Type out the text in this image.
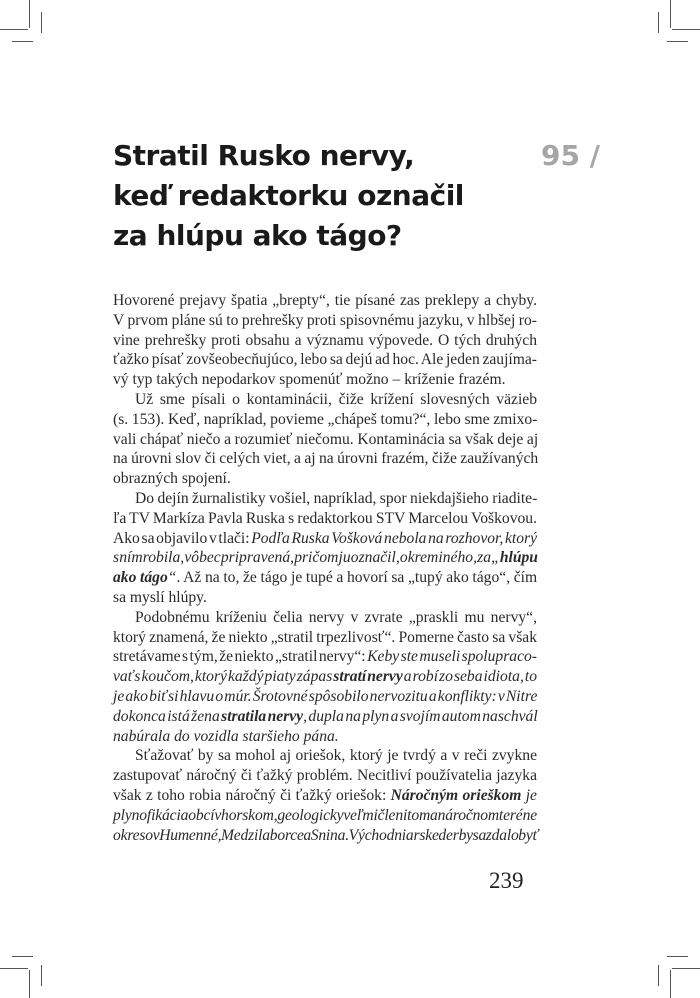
Stratil Rusko nervy,
keď redaktorku označil
za hlúpu ako tágo?
95 /
Hovorené prejavy špatia „brepty“, tie písané zas preklepy a chyby.
V prvom pláne sú to prehrešky proti spisovnému jazyku, v hlbšej ro-
vine prehrešky proti obsahu a významu výpovede. O tých druhých
ťažko písať zovšeobecňujúco, lebo sa dejú ad hoc. Ale jeden zaujíma-
vý typ takých nepodarkov spomenúť možno – kríženie frazém.
Už sme písali o kontaminácii, čiže krížení slovesných väzieb
(s. 153). Keď, napríklad, povieme „chápeš tomu?“, lebo sme zmixo-
vali chápať niečo a rozumieť niečomu. Kontaminácia sa však deje aj
na úrovni slov či celých viet, a aj na úrovni frazém, čiže zaužívaných
obrazných spojení.
Do dejín žurnalistiky vošiel, napríklad, spor niekdajšieho riadite-
ľa TV Markíza Pavla Ruska s redaktorkou STV Marcelou Voškovou.
Ako sa objavilo v tlači: Podľa Ruska Vošková nebola na rozhovor, ktorý
s ním robila, vôbec pripravená, pričom ju označil, okrem iného, za „hlúpu
ako tágo“. Až na to, že tágo je tupé a hovorí sa „tupý ako tágo“, čím
sa myslí hlúpy.
Podobnému kríženiu čelia nervy v zvrate „praskli mu nervy“,
ktorý znamená, že niekto „stratil trpezlivosť“. Pomerne často sa však
stretávame s tým, že niekto „stratil nervy“: Keby ste museli spolupraco-
vať s koučom, ktorý každý piaty zápas stratí nervy a robí zo seba idiota, to
je ako biť si hlavu o múr. Šrotovné spôsobilo nervozitu a konflikty: v Nitre
dokonca istá žena stratila nervy, dupla na plyn a svojím autom naschvál
nabúrala do vozidla staršieho pána.
Sťažovať by sa mohol aj oriešok, ktorý je tvrdý a v reči zvykne
zastupovať náročný či ťažký problém. Necitliví používatelia jazyka
však z toho robia náročný či ťažký oriešok: Náročným orieškom je
plynofikácia obcí v horskom, geologicky veľmi členitom a náročnom teréne
okresov Humenné, Medzilaborce a Snina. Východniarske derby sa zdalo byť
239
